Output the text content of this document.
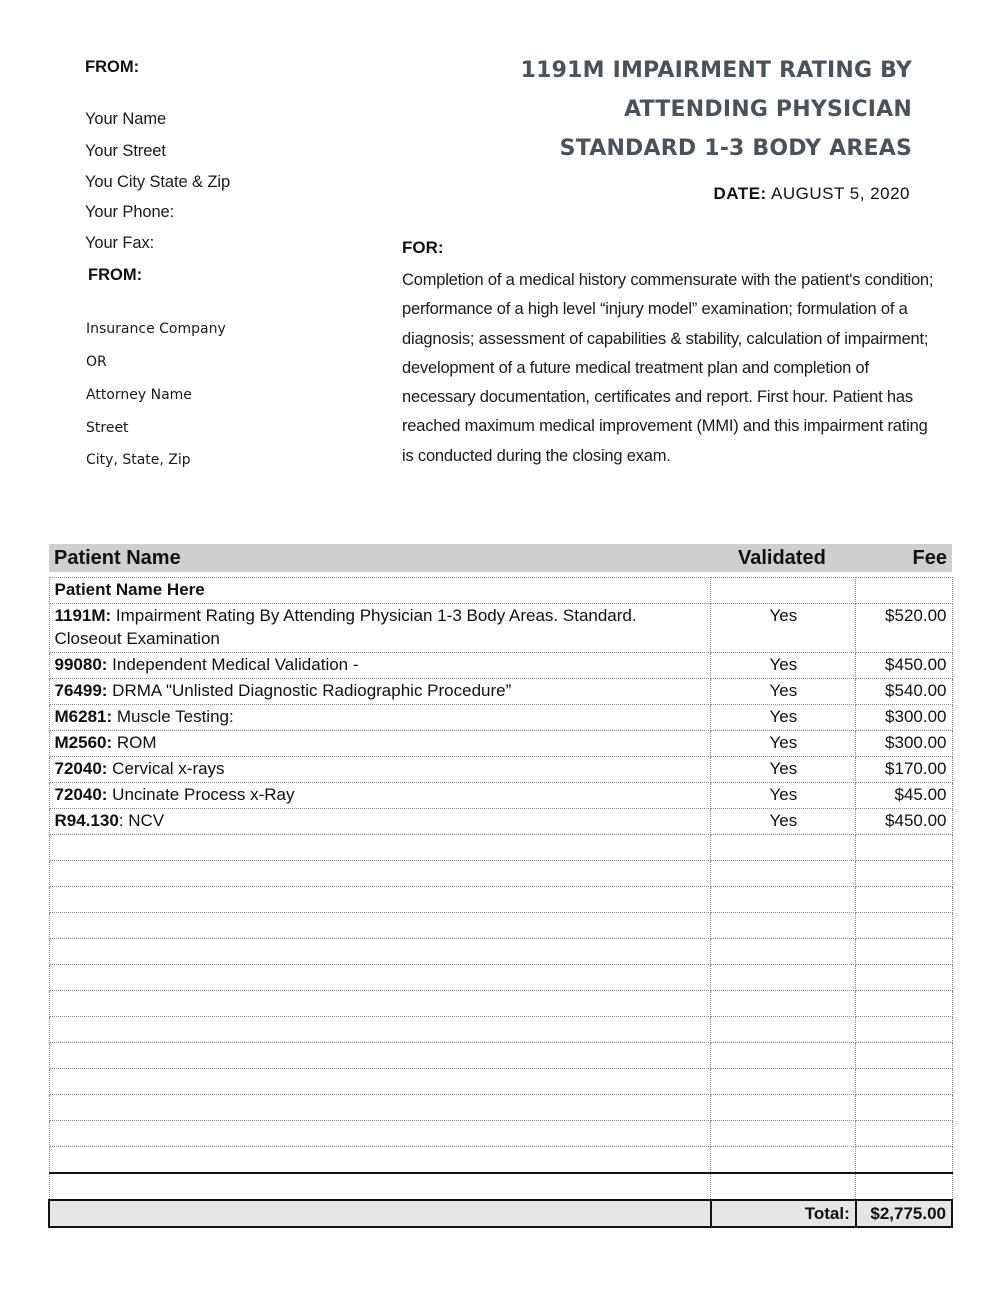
FROM:
Your Name
Your Street
You City State & Zip
Your Phone:
Your Fax:
FROM:
Insurance Company
OR
Attorney Name
Street
City, State, Zip
1191M IMPAIRMENT RATING BY
ATTENDING PHYSICIAN
STANDARD 1-3 BODY AREAS
DATE: AUGUST 5, 2020
FOR:
Completion of a medical history commensurate with the patient's condition; performance of a high level “injury model” examination; formulation of a diagnosis; assessment of capabilities & stability, calculation of impairment; development of a future medical treatment plan and completion of necessary documentation, certificates and report. First hour. Patient has reached maximum medical improvement (MMI) and this impairment rating is conducted during the closing exam.
Patient Name	Validated	Fee

Patient Name Here		
1191M: Impairment Rating By Attending Physician 1-3 Body Areas. Standard. Closeout Examination	Yes	$520.00
99080: Independent Medical Validation -	Yes	$450.00
76499: DRMA "Unlisted Diagnostic Radiographic Procedure”	Yes	$540.00
M6281: Muscle Testing:	Yes	$300.00
M2560: ROM	Yes	$300.00
72040: Cervical x-rays	Yes	$170.00
72040: Uncinate Process x-Ray	Yes	$45.00
R94.130: NCV	Yes	$450.00

	Total:	$2,775.00
